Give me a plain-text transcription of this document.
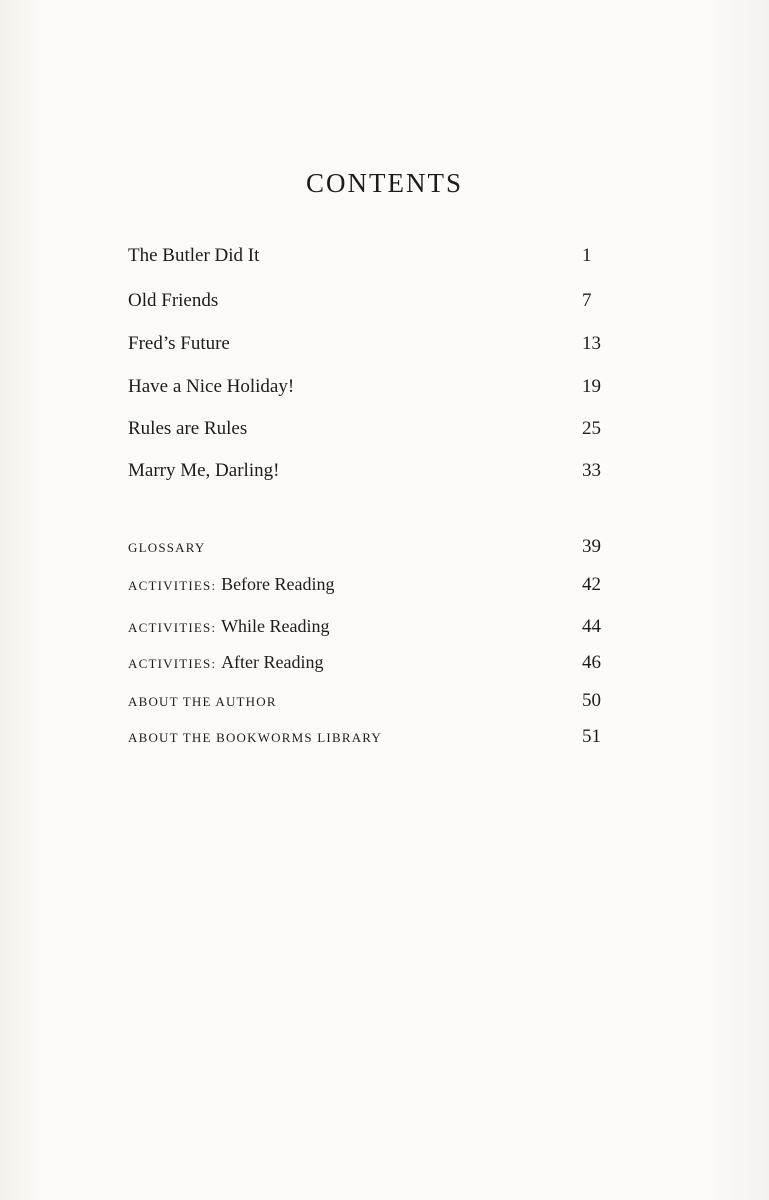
CONTENTS
The Butler Did It	1
Old Friends	7
Fred’s Future	13
Have a Nice Holiday!	19
Rules are Rules	25
Marry Me, Darling!	33
GLOSSARY	39
ACTIVITIES: Before Reading	42
ACTIVITIES: While Reading	44
ACTIVITIES: After Reading	46
ABOUT THE AUTHOR	50
ABOUT THE BOOKWORMS LIBRARY	51
